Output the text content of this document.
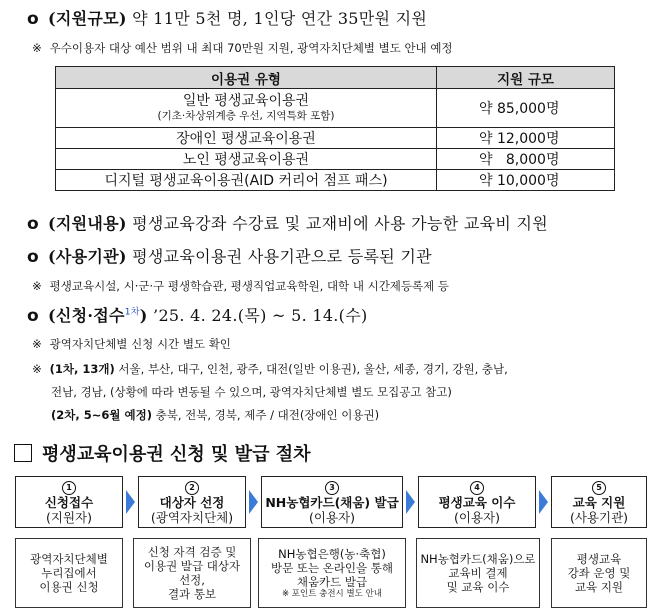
o (지원규모) 약 11만 5천 명, 1인당 연간 35만원 지원
※ 우수이용자 대상 예산 범위 내 최대 70만원 지원, 광역자치단체별 별도 안내 예정
이용권 유형	지원 규모

일반 평생교육이용권
(기초·차상위계층 우선, 지역특화 포함)	약 85,000명
장애인 평생교육이용권	약 12,000명
노인 평생교육이용권	약   8,000명
디지털 평생교육이용권(AID 커리어 점프 패스)	약 10,000명
o (지원내용) 평생교육강좌 수강료 및 교재비에 사용 가능한 교육비 지원
o (사용기관) 평생교육이용권 사용기관으로 등록된 기관
※ 평생교육시설, 시·군·구 평생학습관, 평생직업교육학원, 대학 내 시간제등록제 등
o (신청·접수$^{1차}$) ’25. 4. 24.(목) ~ 5. 14.(수)
※ 광역자치단체별 신청 시간 별도 확인
※ (1차, 13개) 서울, 부산, 대구, 인천, 광주, 대전(일반 이용권), 울산, 세종, 경기, 강원, 충남,
전남, 경남, (상황에 따라 변동될 수 있으며, 광역자치단체별 별도 모집공고 참고)
(2차, 5~6월 예정) 충북, 전북, 경북, 제주 / 대전(장애인 이용권)
평생교육이용권 신청 및 발급 절차
1
신청접수
(지원자)
2
대상자 선정
(광역자치단체)
3
NH농협카드(채움) 발급
(이용자)
4
평생교육 이수
(이용자)
5
교육 지원
(사용기관)
광역자치단체별
누리집에서
이용권 신청
신청 자격 검증 및
이용권 발급 대상자
선정,
결과 통보
NH농협은행(농·축협)
방문 또는 온라인을 통해
채움카드 발급
※ 포인트 충전시 별도 안내
NH농협카드(채움)으로
교육비 결제
및 교육 이수
평생교육
강좌 운영 및
교육 지원
